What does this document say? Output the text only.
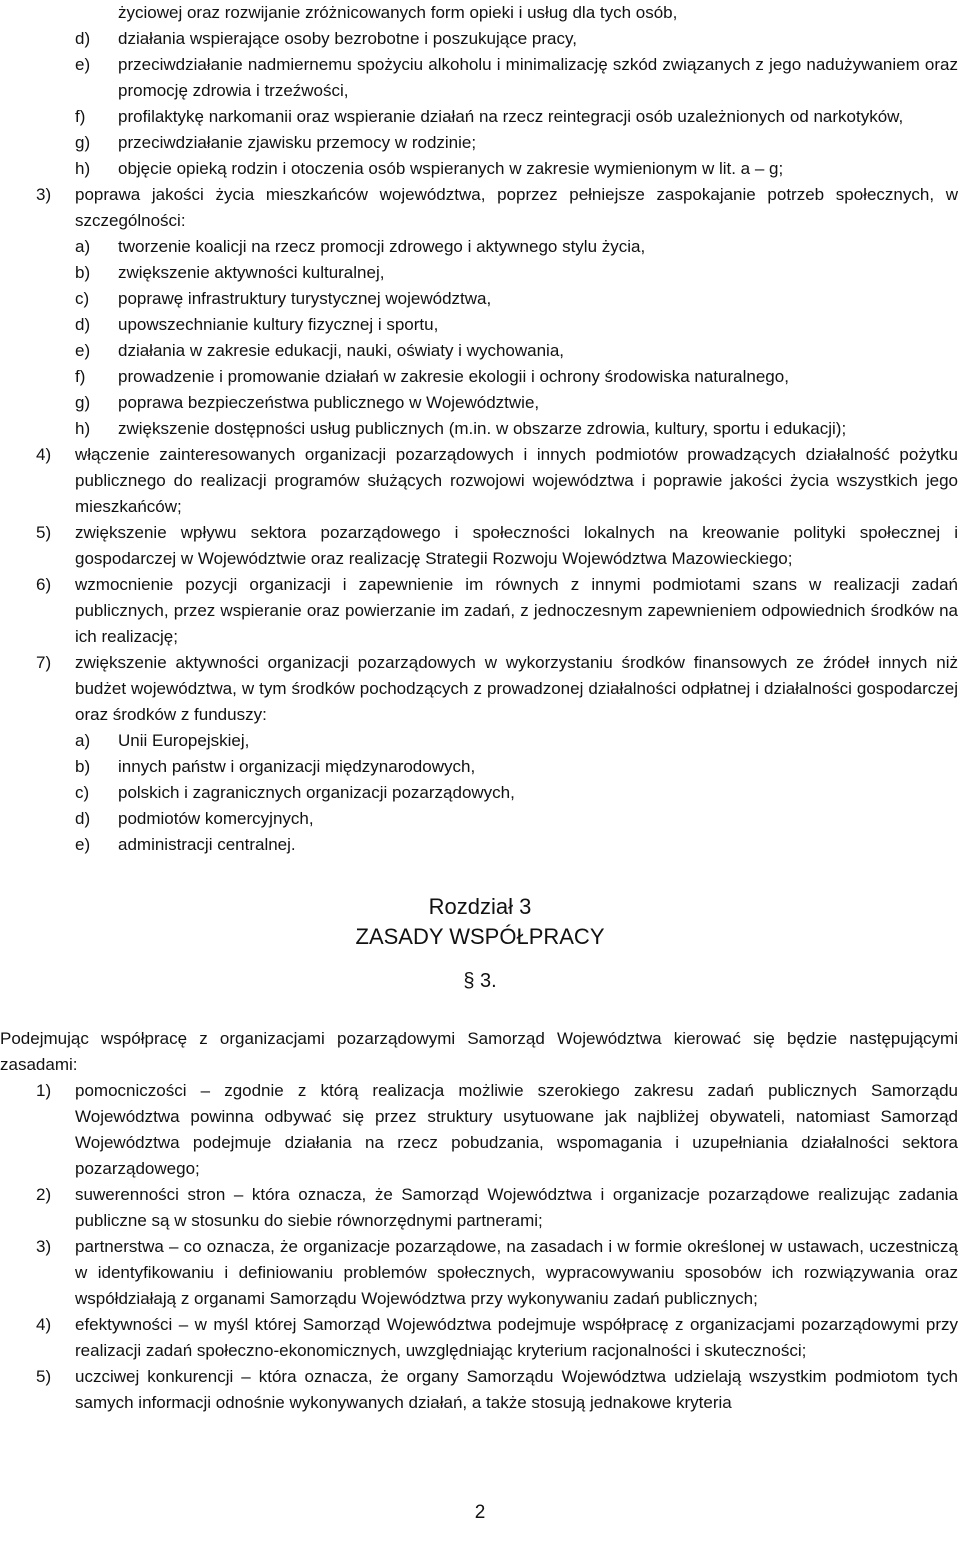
życiowej oraz rozwijanie zróżnicowanych form opieki i usług dla tych osób,
d) działania wspierające osoby bezrobotne i poszukujące pracy,
e) przeciwdziałanie nadmiernemu spożyciu alkoholu i minimalizację szkód związanych z jego nadużywaniem oraz promocję zdrowia i trzeźwości,
f) profilaktykę narkomanii oraz wspieranie działań na rzecz reintegracji osób uzależnionych od narkotyków,
g) przeciwdziałanie zjawisku przemocy w rodzinie;
h) objęcie opieką rodzin i otoczenia osób wspieranych w zakresie wymienionym w lit. a – g;
3) poprawa jakości życia mieszkańców województwa, poprzez pełniejsze zaspokajanie potrzeb społecznych, w szczególności:
a) tworzenie koalicji na rzecz promocji zdrowego i aktywnego stylu życia,
b) zwiększenie aktywności kulturalnej,
c) poprawę infrastruktury turystycznej województwa,
d) upowszechnianie kultury fizycznej i sportu,
e) działania w zakresie edukacji, nauki, oświaty i wychowania,
f) prowadzenie i promowanie działań w zakresie ekologii i ochrony środowiska naturalnego,
g) poprawa bezpieczeństwa publicznego w Województwie,
h) zwiększenie dostępności usług publicznych (m.in. w obszarze zdrowia, kultury, sportu i edukacji);
4) włączenie zainteresowanych organizacji pozarządowych i innych podmiotów prowadzących działalność pożytku publicznego do realizacji programów służących rozwojowi województwa i poprawie jakości życia wszystkich jego mieszkańców;
5) zwiększenie wpływu sektora pozarządowego i społeczności lokalnych na kreowanie polityki społecznej i gospodarczej w Województwie oraz realizację Strategii Rozwoju Województwa Mazowieckiego;
6) wzmocnienie pozycji organizacji i zapewnienie im równych z innymi podmiotami szans w realizacji zadań publicznych, przez wspieranie oraz powierzanie im zadań, z jednoczesnym zapewnieniem odpowiednich środków na ich realizację;
7) zwiększenie aktywności organizacji pozarządowych w wykorzystaniu środków finansowych ze źródeł innych niż budżet województwa, w tym środków pochodzących z prowadzonej działalności odpłatnej i działalności gospodarczej oraz środków z funduszy:
a) Unii Europejskiej,
b) innych państw i organizacji międzynarodowych,
c) polskich i zagranicznych organizacji pozarządowych,
d) podmiotów komercyjnych,
e) administracji centralnej.
Rozdział 3
ZASADY WSPÓŁPRACY
§ 3.
Podejmując współpracę z organizacjami pozarządowymi Samorząd Województwa kierować się będzie następującymi zasadami:
1) pomocniczości – zgodnie z którą realizacja możliwie szerokiego zakresu zadań publicznych Samorządu Województwa powinna odbywać się przez struktury usytuowane jak najbliżej obywateli, natomiast Samorząd Województwa podejmuje działania na rzecz pobudzania, wspomagania i uzupełniania działalności sektora pozarządowego;
2) suwerenności stron – która oznacza, że Samorząd Województwa i organizacje pozarządowe realizując zadania publiczne są w stosunku do siebie równorzędnymi partnerami;
3) partnerstwa – co oznacza, że organizacje pozarządowe, na zasadach i w formie określonej w ustawach, uczestniczą w identyfikowaniu i definiowaniu problemów społecznych, wypracowywaniu sposobów ich rozwiązywania oraz współdziałają z organami Samorządu Województwa przy wykonywaniu zadań publicznych;
4) efektywności – w myśl której Samorząd Województwa podejmuje współpracę z organizacjami pozarządowymi przy realizacji zadań społeczno-ekonomicznych, uwzględniając kryterium racjonalności i skuteczności;
5) uczciwej konkurencji – która oznacza, że organy Samorządu Województwa udzielają wszystkim podmiotom tych samych informacji odnośnie wykonywanych działań, a także stosują jednakowe kryteria
2
